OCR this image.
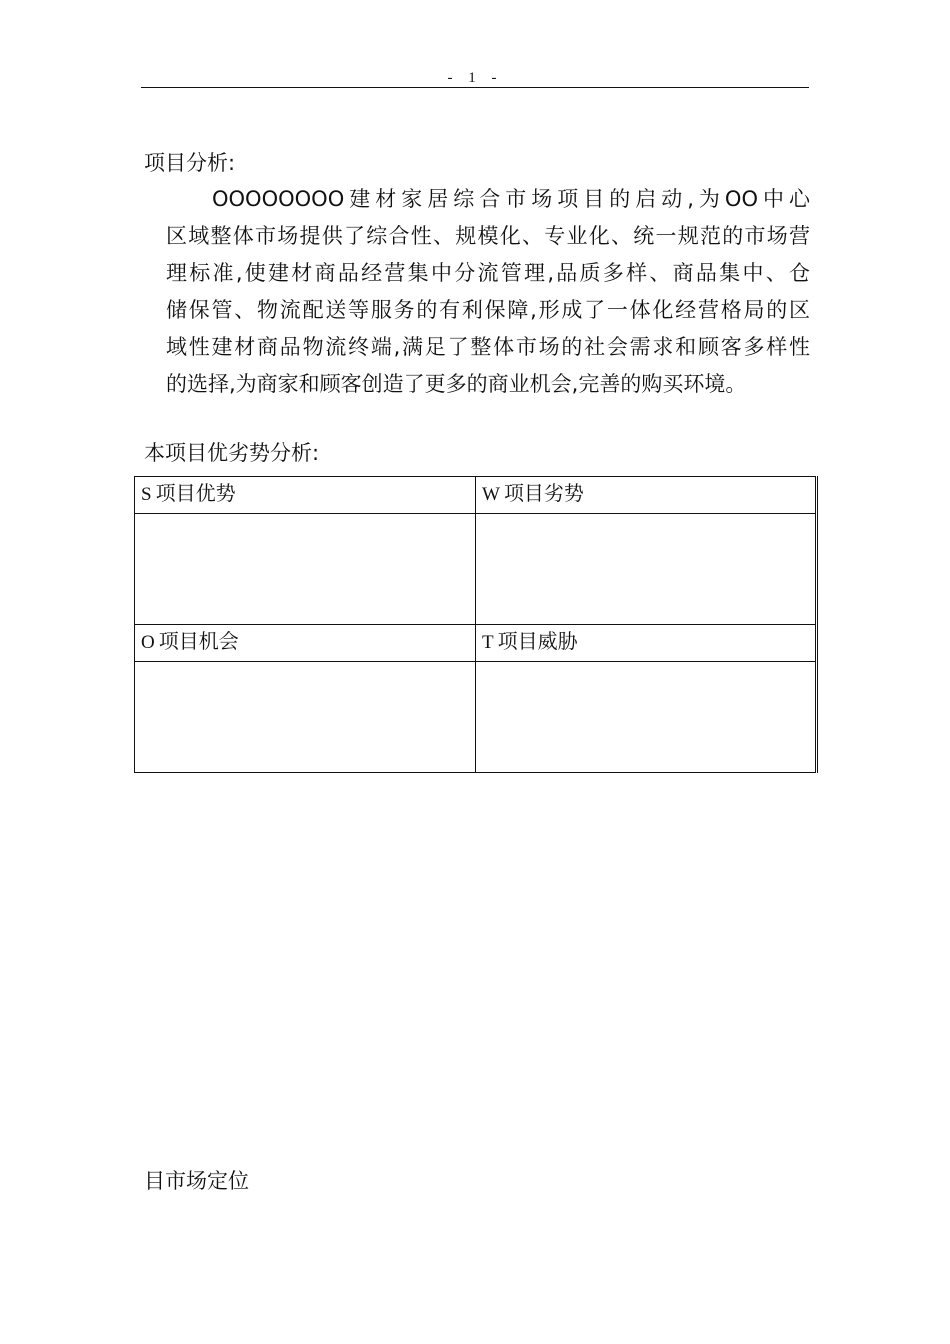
- 1 -
项目分析:
OOOOOOOO建材家居综合市场项目的启动,为OO中心
区域整体市场提供了综合性、规模化、专业化、统一规范的市场营
理标准,使建材商品经营集中分流管理,品质多样、商品集中、仓
储保管、物流配送等服务的有利保障,形成了一体化经营格局的区
域性建材商品物流终端,满足了整体市场的社会需求和顾客多样性
的选择,为商家和顾客创造了更多的商业机会,完善的购买环境。
本项目优劣势分析:
S 项目优势	W 项目劣势

O 项目机会	T 项目威胁

目市场定位
